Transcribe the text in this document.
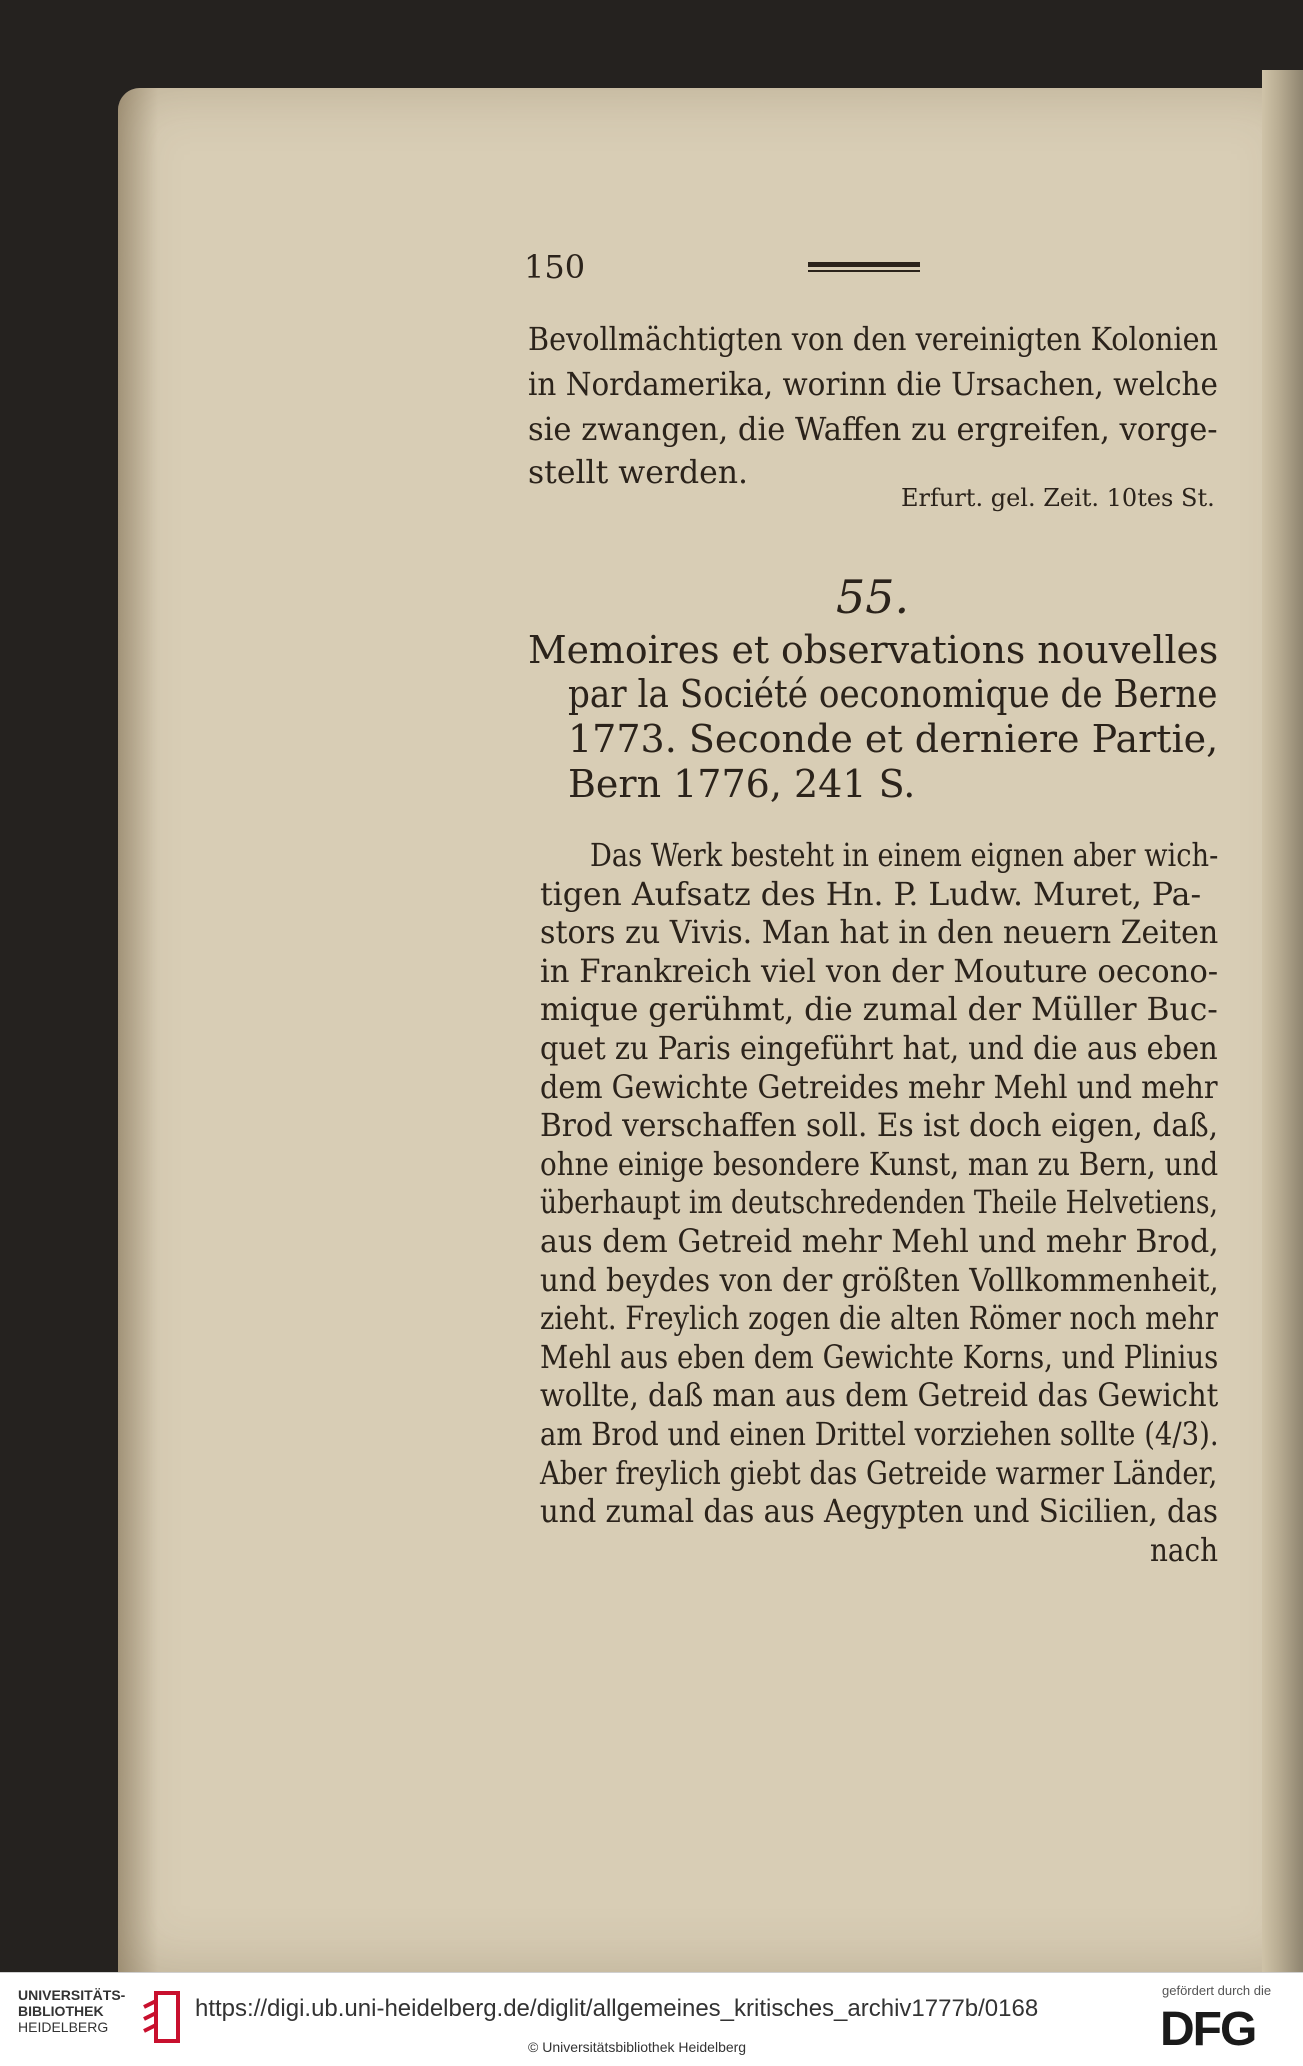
150
Bevollmächtigten von den vereinigten Kolonien
in Nordamerika, worinn die Ursachen, welche
sie zwangen, die Waffen zu ergreifen, vorge-
stellt werden.
Erfurt. gel. Zeit. 10tes St.
55.
Memoires et observations nouvelles
par la Société oeconomique de Berne
1773. Seconde et derniere Partie,
Bern 1776, 241 S.
nach
Das Werk besteht in einem eignen aber wich-
tigen Aufsatz des Hn. P. Ludw. Muret, Pa-
stors zu Vivis. Man hat in den neuern Zeiten
in Frankreich viel von der Mouture oecono-
mique gerühmt, die zumal der Müller Buc-
quet zu Paris eingeführt hat, und die aus eben
dem Gewichte Getreides mehr Mehl und mehr
Brod verschaffen soll. Es ist doch eigen, daß,
ohne einige besondere Kunst, man zu Bern, und
überhaupt im deutschredenden Theile Helvetiens,
aus dem Getreid mehr Mehl und mehr Brod,
und beydes von der größten Vollkommenheit,
zieht. Freylich zogen die alten Römer noch mehr
Mehl aus eben dem Gewichte Korns, und Plinius
wollte, daß man aus dem Getreid das Gewicht
am Brod und einen Drittel vorziehen sollte (4/3).
Aber freylich giebt das Getreide warmer Länder,
und zumal das aus Aegypten und Sicilien, das
UNIVERSITÄTS-
BIBLIOTHEK
HEIDELBERG
https://digi.ub.uni-heidelberg.de/diglit/allgemeines_kritisches_archiv1777b/0168
© Universitätsbibliothek Heidelberg
gefördert durch die
DFG
